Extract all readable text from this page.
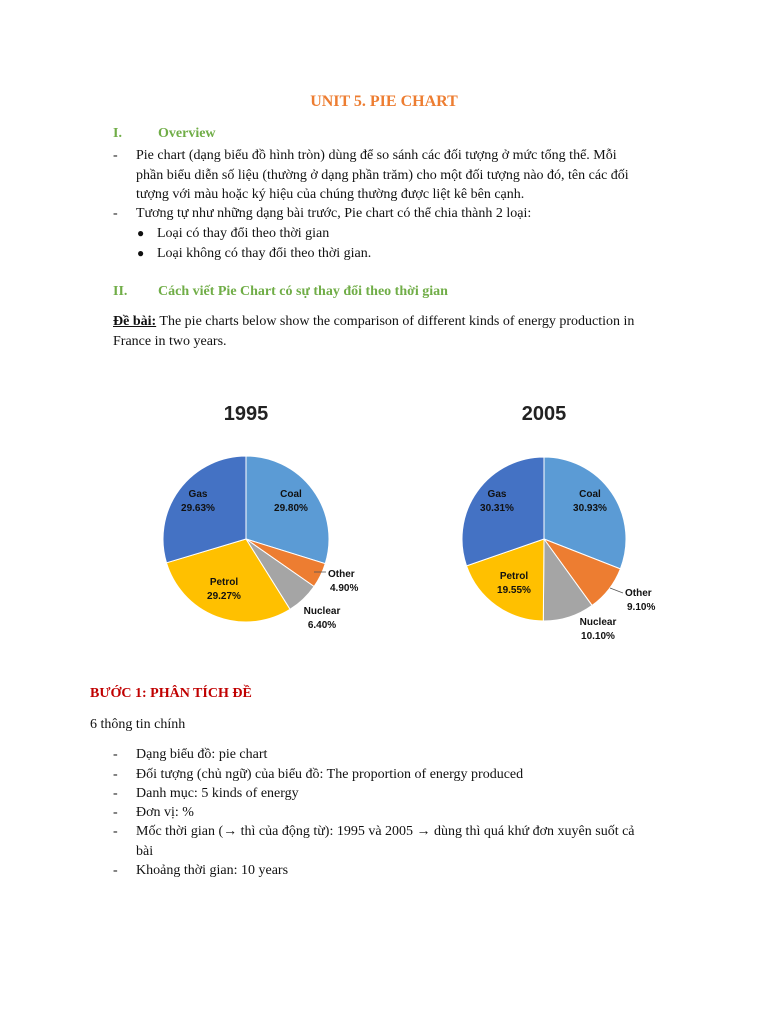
UNIT 5. PIE CHART
I.	Overview
- Pie chart (dạng biểu đồ hình tròn) dùng để so sánh các đối tượng ở mức tổng thể. Mỗi
phần biểu diễn số liệu (thường ở dạng phần trăm) cho một đối tượng nào đó, tên các đối
tượng với màu hoặc ký hiệu của chúng thường được liệt kê bên cạnh.
- Tương tự như những dạng bài trước, Pie chart có thể chia thành 2 loại:
● Loại có thay đổi theo thời gian
● Loại không có thay đổi theo thời gian.
II. Cách viết Pie Chart có sự thay đổi theo thời gian
Đề bài: The pie charts below show the comparison of different kinds of energy production in
France in two years.
1995
Coal
29.80%
Other
4.90%
Nuclear
6.40%
Petrol
29.27%
Gas
29.63%
2005
Coal
30.93%
Other
9.10%
Nuclear
10.10%
Petrol
19.55%
Gas
30.31%
BƯỚC 1: PHÂN TÍCH ĐỀ
6 thông tin chính
- Dạng biểu đồ: pie chart
- Đối tượng (chủ ngữ) của biểu đồ: The proportion of energy produced
- Danh mục: 5 kinds of energy
- Đơn vị: %
- Mốc thời gian (→ thì của động từ): 1995 và 2005 → dùng thì quá khứ đơn xuyên suốt cả
bài
- Khoảng thời gian: 10 years
